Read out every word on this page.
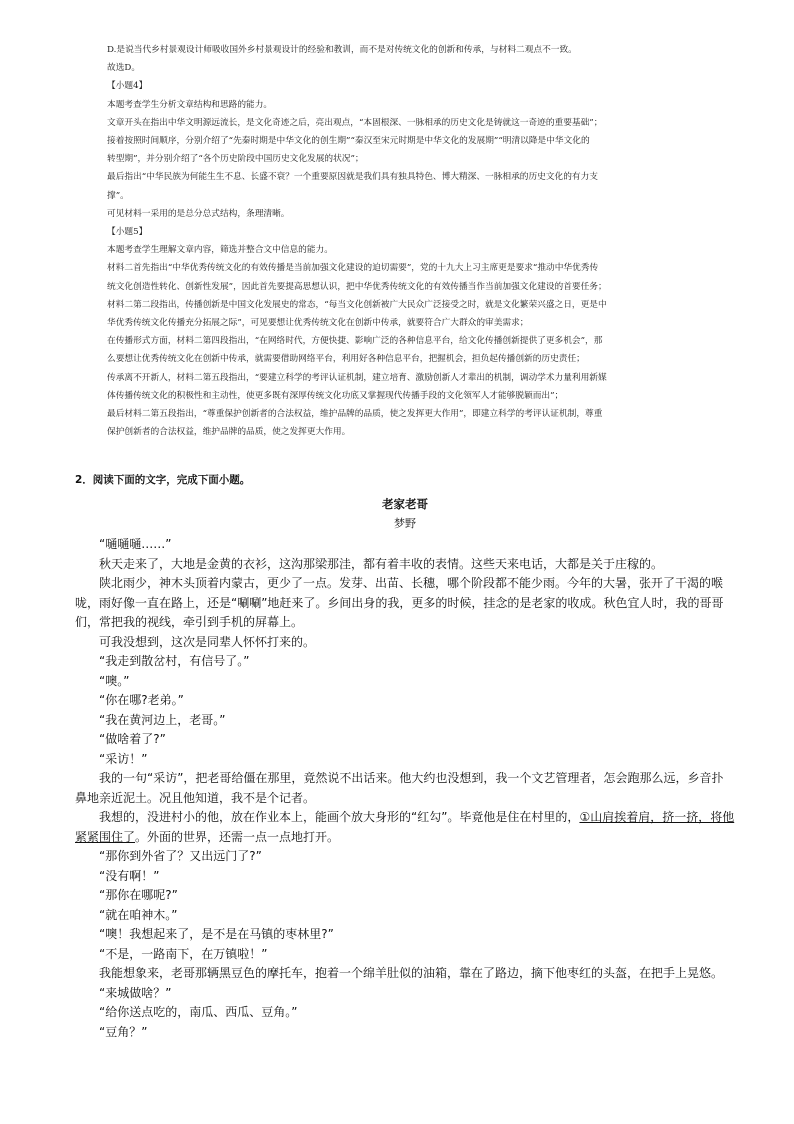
D.是说当代乡村景观设计师吸收国外乡村景观设计的经验和教训，而不是对传统文化的创新和传承，与材料二观点不一致。

故选D。

【小题4】

本题考查学生分析文章结构和思路的能力。

文章开头在指出中华文明源远流长，是文化奇迹之后，亮出观点，“本固根深、一脉相承的历史文化是铸就这一奇迹的重要基础”；

接着按照时间顺序，分别介绍了“先秦时期是中华文化的创生期”“秦汉至宋元时期是中华文化的发展期”“明清以降是中华文化的

转型期”，并分别介绍了“各个历史阶段中国历史文化发展的状况”；

最后指出“中华民族为何能生生不息、长盛不衰？一个重要原因就是我们具有独具特色、博大精深、一脉相承的历史文化的有力支

撑”。

可见材料一采用的是总分总式结构，条理清晰。

【小题5】

本题考查学生理解文章内容，筛选并整合文中信息的能力。

材料二首先指出“中华优秀传统文化的有效传播是当前加强文化建设的迫切需要”，党的十九大上习主席更是要求“推动中华优秀传

统文化创造性转化、创新性发展”，因此首先要提高思想认识，把中华优秀传统文化的有效传播当作当前加强文化建设的首要任务；

材料二第二段指出，传播创新是中国文化发展史的常态，“每当文化创新被广大民众广泛接受之时，就是文化繁荣兴盛之日，更是中

华优秀传统文化传播充分拓展之际”，可见要想让优秀传统文化在创新中传承，就要符合广大群众的审美需求；

在传播形式方面，材料二第四段指出，“在网络时代，方便快捷、影响广泛的各种信息平台，给文化传播创新提供了更多机会”，那

么要想让优秀传统文化在创新中传承，就需要借助网络平台，利用好各种信息平台，把握机会，担负起传播创新的历史责任；

传承离不开新人，材料二第五段指出，“要建立科学的考评认证机制，建立培育、激励创新人才辈出的机制，调动学术力量利用新媒

体传播传统文化的积极性和主动性，使更多既有深厚传统文化功底又掌握现代传播手段的文化领军人才能够脱颖而出”；

最后材料二第五段指出，“尊重保护创新者的合法权益，维护品牌的品质，使之发挥更大作用”，即建立科学的考评认证机制，尊重

保护创新者的合法权益，维护品牌的品质，使之发挥更大作用。

2．阅读下面的文字，完成下面小题。

老家老哥

梦野

“嗵嗵嗵……”

秋天走来了，大地是金黄的衣衫，这沟那梁那洼，都有着丰收的表情。这些天来电话，大都是关于庄稼的。

陕北雨少，神木头顶着内蒙古，更少了一点。发芽、出苗、长穗，哪个阶段都不能少雨。今年的大暑，张开了干渴的喉咙，雨好像一直在路上，还是“唰唰”地赶来了。乡间出身的我，更多的时候，挂念的是老家的收成。秋色宜人时，我的哥哥们，常把我的视线，牵引到手机的屏幕上。

可我没想到，这次是同辈人怀怀打来的。

“我走到散岔村，有信号了。”

“噢。”

“你在哪?老弟。”

“我在黄河边上，老哥。”

“做啥着了?”

“采访！”

我的一句“采访”，把老哥给僵在那里，竟然说不出话来。他大约也没想到，我一个文艺管理者，怎会跑那么远，乡音扑鼻地亲近泥土。况且他知道，我不是个记者。

我想的，没进村小的他，放在作业本上，能画个放大身形的“红勾”。毕竟他是住在村里的，①山肩挨着肩，挤一挤，将他紧紧围住了。外面的世界，还需一点一点地打开。

“那你到外省了？又出远门了?”

“没有啊！”

“那你在哪呢?”

“就在咱神木。”

“噢！我想起来了，是不是在马镇的枣林里?”

“不是，一路南下，在万镇啦！”

我能想象来，老哥那辆黑豆色的摩托车，抱着一个绵羊肚似的油箱，靠在了路边，摘下他枣红的头盔，在把手上晃悠。

“来城做啥？”

“给你送点吃的，南瓜、西瓜、豆角。”

“豆角？”
